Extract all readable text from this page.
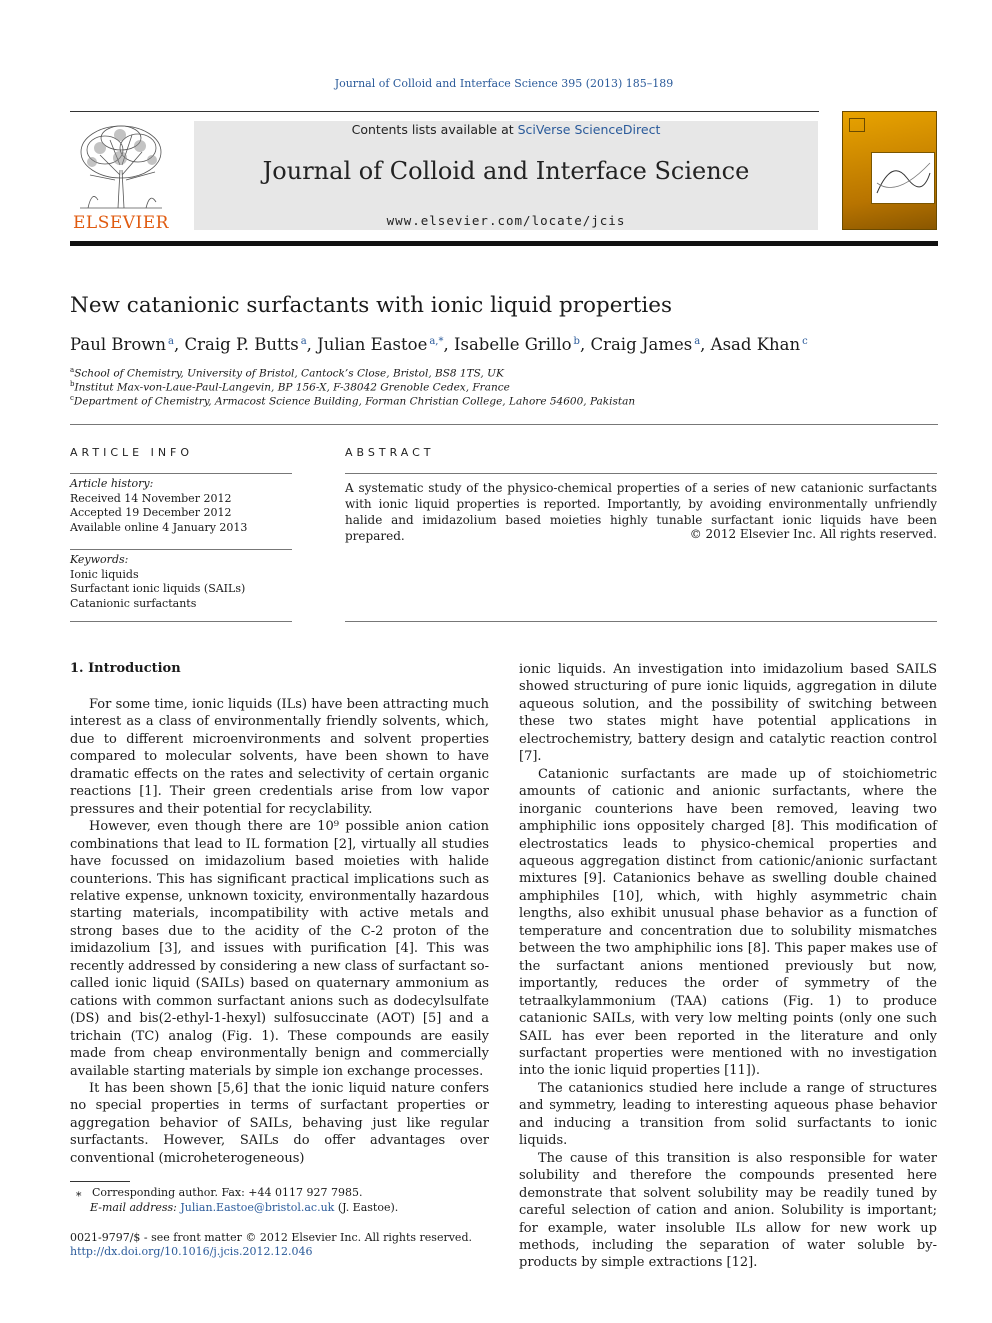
Journal of Colloid and Interface Science 395 (2013) 185–189
ELSEVIER
Contents lists available at SciVerse ScienceDirect
Journal of Colloid and Interface Science
www.elsevier.com/locate/jcis
New catanionic surfactants with ionic liquid properties
Paul Brown $^a$, Craig P. Butts $^a$, Julian Eastoe $^{a,*}$, Isabelle Grillo $^b$, Craig James $^a$, Asad Khan $^c$
$^a$School of Chemistry, University of Bristol, Cantock’s Close, Bristol, BS8 1TS, UK
$^b$Institut Max-von-Laue-Paul-Langevin, BP 156-X, F-38042 Grenoble Cedex, France
$^c$Department of Chemistry, Armacost Science Building, Forman Christian College, Lahore 54600, Pakistan
ARTICLE INFO
Article history:
Received 14 November 2012
Accepted 19 December 2012
Available online 4 January 2013
Keywords:
Ionic liquids
Surfactant ionic liquids (SAILs)
Catanionic surfactants
ABSTRACT
A systematic study of the physico-chemical properties of a series of new catanionic surfactants with ionic liquid properties is reported. Importantly, by avoiding environmentally unfriendly halide and imidazolium based moieties highly tunable surfactant ionic liquids have been prepared.	© 2012 Elsevier Inc. All rights reserved.
1. Introduction

For some time, ionic liquids (ILs) have been attracting much interest as a class of environmentally friendly solvents, which, due to different microenvironments and solvent properties compared to molecular solvents, have been shown to have dramatic effects on the rates and selectivity of certain organic reactions [1]. Their green credentials arise from low vapor pressures and their potential for recyclability.

However, even though there are 10⁹ possible anion cation combinations that lead to IL formation [2], virtually all studies have focussed on imidazolium based moieties with halide counterions. This has significant practical implications such as relative expense, unknown toxicity, environmentally hazardous starting materials, incompatibility with active metals and strong bases due to the acidity of the C-2 proton of the imidazolium [3], and issues with purification [4]. This was recently addressed by considering a new class of surfactant so-called ionic liquid (SAILs) based on quaternary ammonium as cations with common surfactant anions such as dodecylsulfate (DS) and bis(2-ethyl-1-hexyl) sulfosuccinate (AOT) [5] and a trichain (TC) analog (Fig. 1). These compounds are easily made from cheap environmentally benign and commercially available starting materials by simple ion exchange processes.

It has been shown [5,6] that the ionic liquid nature confers no special properties in terms of surfactant properties or aggregation behavior of SAILs, behaving just like regular surfactants. However, SAILs do offer advantages over conventional (microheterogeneous)

ionic liquids. An investigation into imidazolium based SAILS showed structuring of pure ionic liquids, aggregation in dilute aqueous solution, and the possibility of switching between these two states might have potential applications in electrochemistry, battery design and catalytic reaction control [7].

Catanionic surfactants are made up of stoichiometric amounts of cationic and anionic surfactants, where the inorganic counterions have been removed, leaving two amphiphilic ions oppositely charged [8]. This modification of electrostatics leads to physico-chemical properties and aqueous aggregation distinct from cationic/anionic surfactant mixtures [9]. Catanionics behave as swelling double chained amphiphiles [10], which, with highly asymmetric chain lengths, also exhibit unusual phase behavior as a function of temperature and concentration due to solubility mismatches between the two amphiphilic ions [8]. This paper makes use of the surfactant anions mentioned previously but now, importantly, reduces the order of symmetry of the tetraalkylammonium (TAA) cations (Fig. 1) to produce catanionic SAILs, with very low melting points (only one such SAIL has ever been reported in the literature and only surfactant properties were mentioned with no investigation into the ionic liquid properties [11]).

The catanionics studied here include a range of structures and symmetry, leading to interesting aqueous phase behavior and inducing a transition from solid surfactants to ionic liquids.

The cause of this transition is also responsible for water solubility and therefore the compounds presented here demonstrate that solvent solubility may be readily tuned by careful selection of cation and anion. Solubility is important; for example, water insoluble ILs allow for new work up methods, including the separation of water soluble by-products by simple extractions [12].

⁎ Corresponding author. Fax: +44 0117 927 7985.
E-mail address: Julian.Eastoe@bristol.ac.uk (J. Eastoe).
0021-9797/$ - see front matter © 2012 Elsevier Inc. All rights reserved.
http://dx.doi.org/10.1016/j.jcis.2012.12.046
